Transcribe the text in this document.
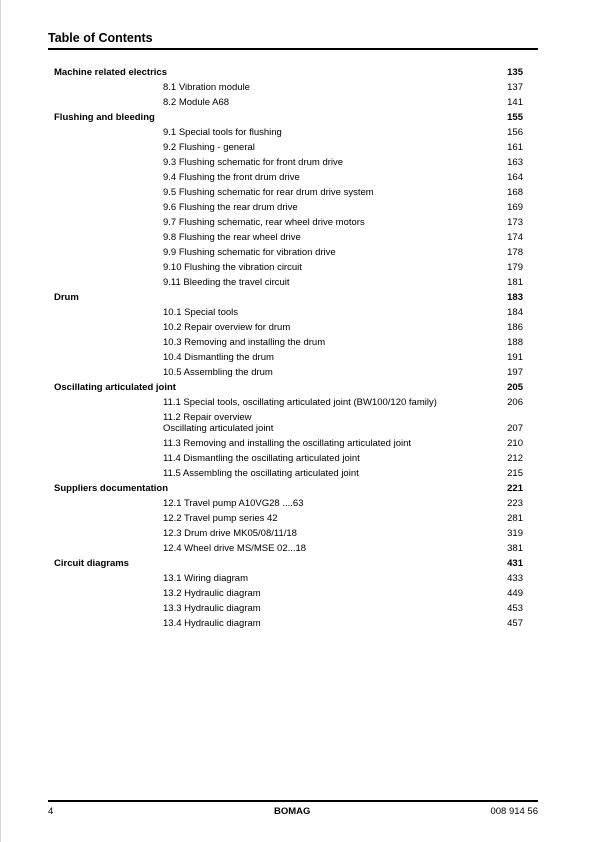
Table of Contents
Machine related electrics	135
8.1 Vibration module	137
8.2 Module A68	141
Flushing and bleeding	155
9.1 Special tools for flushing	156
9.2 Flushing - general	161
9.3 Flushing schematic for front drum drive	163
9.4 Flushing the front drum drive	164
9.5 Flushing schematic for rear drum drive system	168
9.6 Flushing the rear drum drive	169
9.7 Flushing schematic, rear wheel drive motors	173
9.8 Flushing the rear wheel drive	174
9.9 Flushing schematic for vibration drive	178
9.10 Flushing the vibration circuit	179
9.11 Bleeding the travel circuit	181
Drum	183
10.1 Special tools	184
10.2 Repair overview for drum	186
10.3 Removing and installing the drum	188
10.4 Dismantling the drum	191
10.5 Assembling the drum	197
Oscillating articulated joint	205
11.1 Special tools, oscillating articulated joint (BW100/120 family)	206
11.2 Repair overview
Oscillating articulated joint	207
11.3 Removing and installing the oscillating articulated joint	210
11.4 Dismantling the oscillating articulated joint	212
11.5 Assembling the oscillating articulated joint	215
Suppliers documentation	221
12.1 Travel pump A10VG28 ....63	223
12.2 Travel pump series 42	281
12.3 Drum drive MK05/08/11/18	319
12.4 Wheel drive MS/MSE 02...18	381
Circuit diagrams	431
13.1 Wiring diagram	433
13.2 Hydraulic diagram	449
13.3 Hydraulic diagram	453
13.4 Hydraulic diagram	457
4	BOMAG	008 914 56
